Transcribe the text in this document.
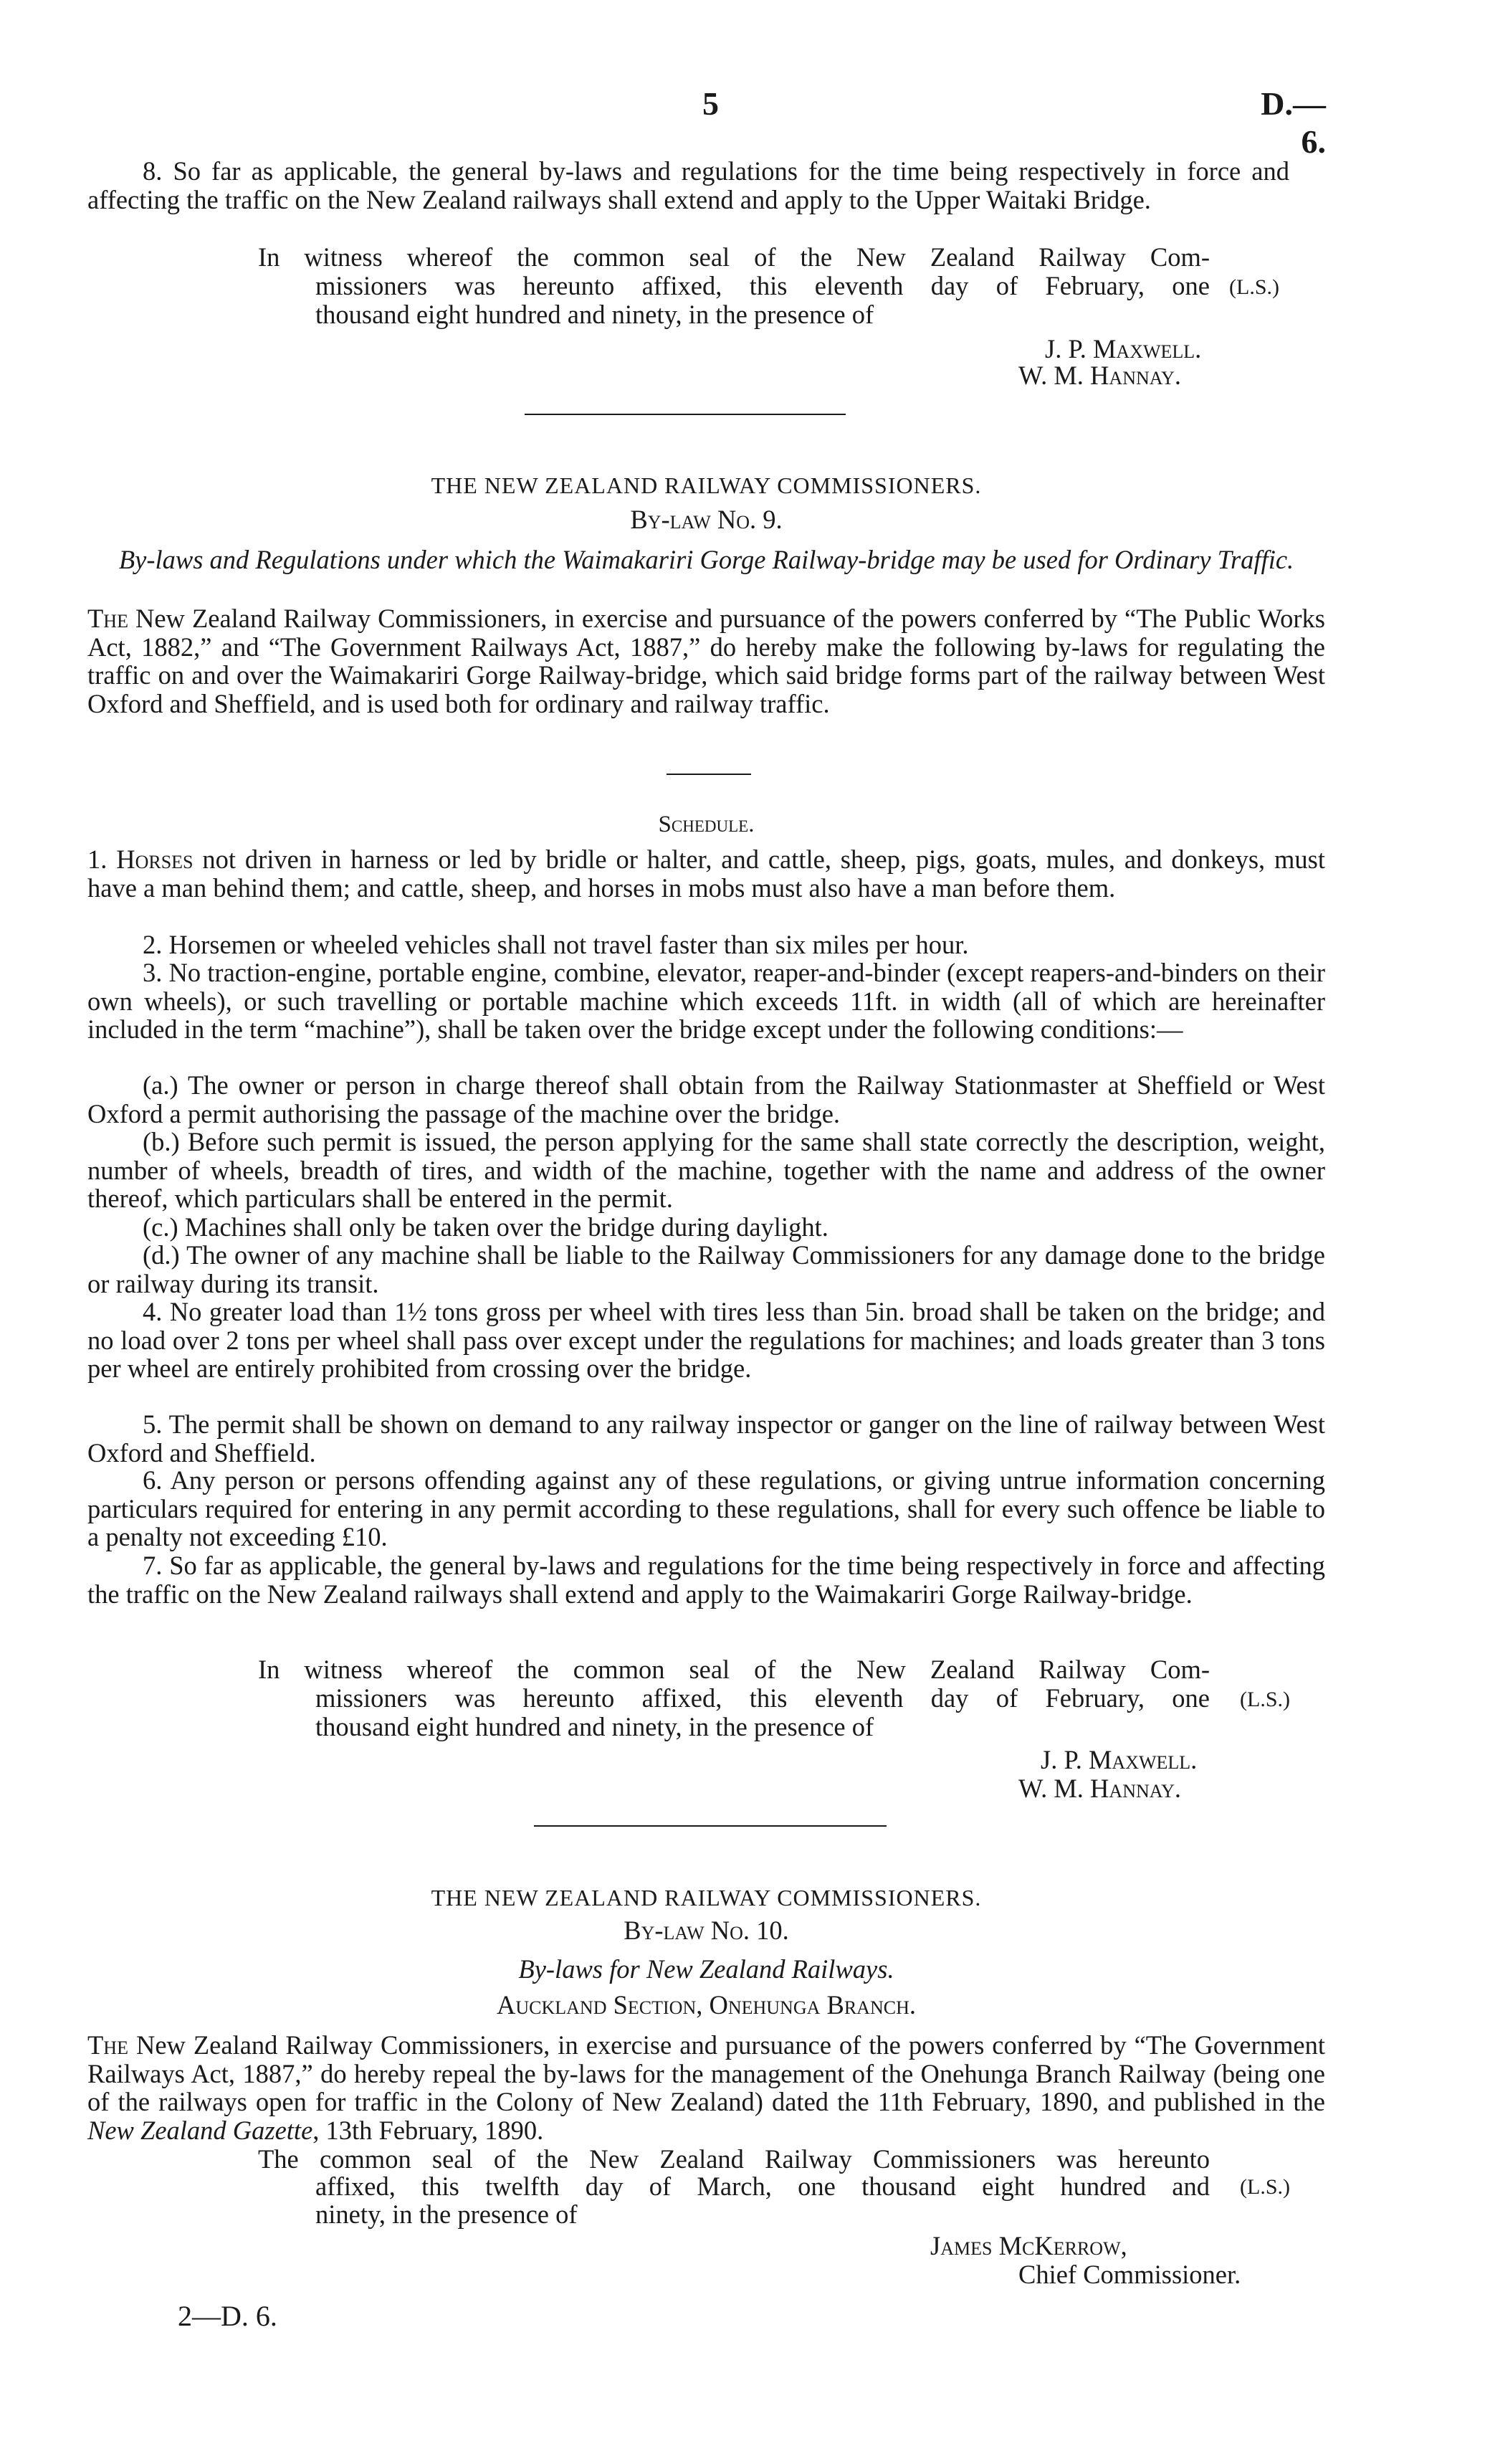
5	D.—6.

8. So far as applicable, the general by-laws and regulations for the time being respectively in force and affecting the traffic on the New Zealand railways shall extend and apply to the Upper Waitaki Bridge.

In witness whereof the common seal of the New Zealand Railway Com-

missioners was hereunto affixed, this eleventh day of February, one

thousand eight hundred and ninety, in the presence of

(L.S.)
J. P. Maxwell.
W. M. Hannay.
THE NEW ZEALAND RAILWAY COMMISSIONERS.
By-law No. 9.

By-laws and Regulations under which the Waimakariri Gorge Railway-bridge may be used for Ordinary Traffic.

The New Zealand Railway Commissioners, in exercise and pursuance of the powers conferred by “The Public Works Act, 1882,” and “The Government Railways Act, 1887,” do hereby make the following by-laws for regulating the traffic on and over the Waimakariri Gorge Railway-bridge, which said bridge forms part of the railway between West Oxford and Sheffield, and is used both for ordinary and railway traffic.

Schedule.

1. Horses not driven in harness or led by bridle or halter, and cattle, sheep, pigs, goats, mules, and donkeys, must have a man behind them; and cattle, sheep, and horses in mobs must also have a man before them.

2. Horsemen or wheeled vehicles shall not travel faster than six miles per hour.

3. No traction-engine, portable engine, combine, elevator, reaper-and-binder (except reapers-and-binders on their own wheels), or such travelling or portable machine which exceeds 11ft. in width (all of which are hereinafter included in the term “machine”), shall be taken over the bridge except under the following conditions:—

(a.) The owner or person in charge thereof shall obtain from the Railway Stationmaster at Sheffield or West Oxford a permit authorising the passage of the machine over the bridge.

(b.) Before such permit is issued, the person applying for the same shall state correctly the description, weight, number of wheels, breadth of tires, and width of the machine, together with the name and address of the owner thereof, which particulars shall be entered in the permit.

(c.) Machines shall only be taken over the bridge during daylight.

(d.) The owner of any machine shall be liable to the Railway Commissioners for any damage done to the bridge or railway during its transit.

4. No greater load than 1½ tons gross per wheel with tires less than 5in. broad shall be taken on the bridge; and no load over 2 tons per wheel shall pass over except under the regulations for machines; and loads greater than 3 tons per wheel are entirely prohibited from crossing over the bridge.

5. The permit shall be shown on demand to any railway inspector or ganger on the line of railway between West Oxford and Sheffield.

6. Any person or persons offending against any of these regulations, or giving untrue information concerning particulars required for entering in any permit according to these regulations, shall for every such offence be liable to a penalty not exceeding £10.

7. So far as applicable, the general by-laws and regulations for the time being respectively in force and affecting the traffic on the New Zealand railways shall extend and apply to the Waimakariri Gorge Railway-bridge.

In witness whereof the common seal of the New Zealand Railway Com-

missioners was hereunto affixed, this eleventh day of February, one

thousand eight hundred and ninety, in the presence of

(L.S.)
J. P. Maxwell.
W. M. Hannay.
THE NEW ZEALAND RAILWAY COMMISSIONERS.
By-law No. 10.
By-laws for New Zealand Railways.
Auckland Section, Onehunga Branch.

The New Zealand Railway Commissioners, in exercise and pursuance of the powers conferred by “The Government Railways Act, 1887,” do hereby repeal the by-laws for the management of the Onehunga Branch Railway (being one of the railways open for traffic in the Colony of New Zealand) dated the 11th February, 1890, and published in the New Zealand Gazette, 13th February, 1890.

The common seal of the New Zealand Railway Commissioners was hereunto

affixed, this twelfth day of March, one thousand eight hundred and

ninety, in the presence of

(L.S.)
James McKerrow,
Chief Commissioner.
2—D. 6.
